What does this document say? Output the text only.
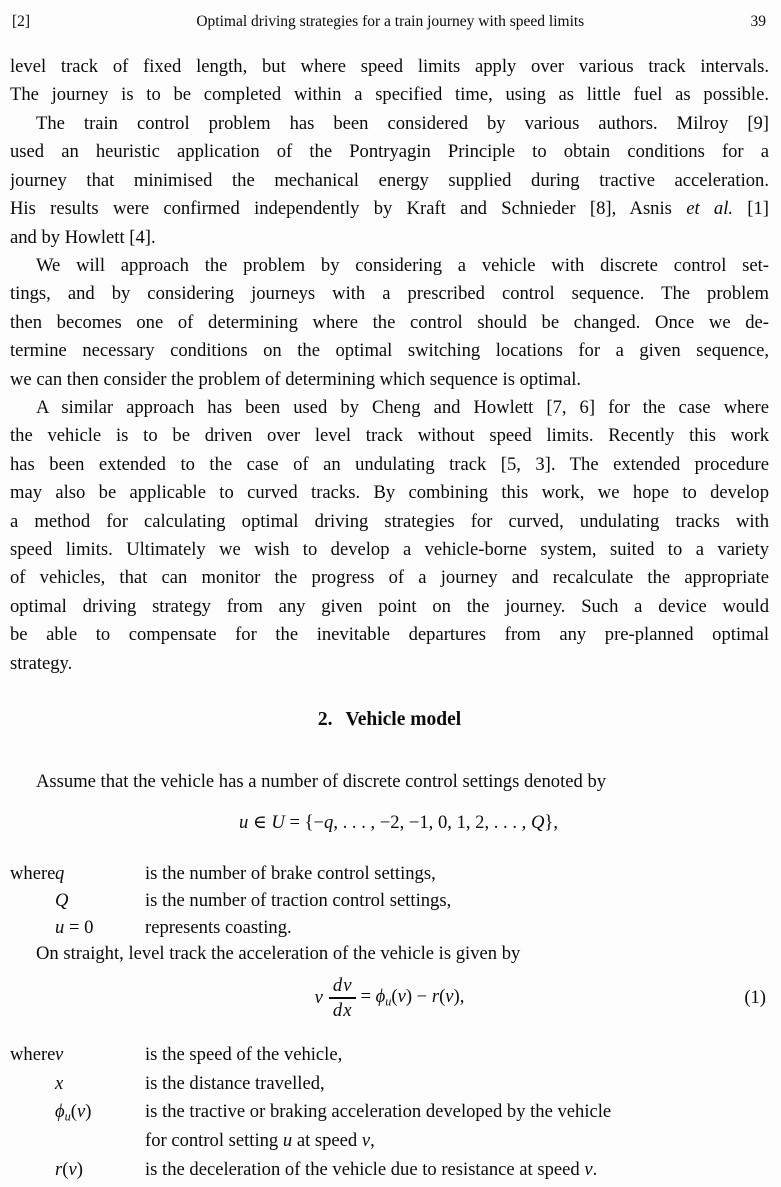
[2]	Optimal driving strategies for a train journey with speed limits	39
level track of fixed length, but where speed limits apply over various track intervals.
The journey is to be completed within a specified time, using as little fuel as possible.
The train control problem has been considered by various authors. Milroy [9]
used an heuristic application of the Pontryagin Principle to obtain conditions for a
journey that minimised the mechanical energy supplied during tractive acceleration.
His results were confirmed independently by Kraft and Schnieder [8], Asnis et al. [1]
and by Howlett [4].
We will approach the problem by considering a vehicle with discrete control set-
tings, and by considering journeys with a prescribed control sequence. The problem
then becomes one of determining where the control should be changed. Once we de-
termine necessary conditions on the optimal switching locations for a given sequence,
we can then consider the problem of determining which sequence is optimal.
A similar approach has been used by Cheng and Howlett [7, 6] for the case where
the vehicle is to be driven over level track without speed limits. Recently this work
has been extended to the case of an undulating track [5, 3]. The extended procedure
may also be applicable to curved tracks. By combining this work, we hope to develop
a method for calculating optimal driving strategies for curved, undulating tracks with
speed limits. Ultimately we wish to develop a vehicle-borne system, suited to a variety
of vehicles, that can monitor the progress of a journey and recalculate the appropriate
optimal driving strategy from any given point on the journey. Such a device would
be able to compensate for the inevitable departures from any pre-planned optimal
strategy.
2. Vehicle model
Assume that the vehicle has a number of discrete control settings denoted by
u ∈ U = {−q, . . . , −2, −1, 0, 1, 2, . . . , Q},
where q	is the number of brake control settings,
Q	is the number of traction control settings,
u = 0	represents coasting.
On straight, level track the acceleration of the vehicle is given by
v $\frac{dv}{dx} = \phi_u(v) - r(v)$,	(1)
where v	is the speed of the vehicle,
x	is the distance travelled,
$\phi_u(v)$	is the tractive or braking acceleration developed by the vehicle
for control setting u at speed v,
r(v)	is the deceleration of the vehicle due to resistance at speed v.
